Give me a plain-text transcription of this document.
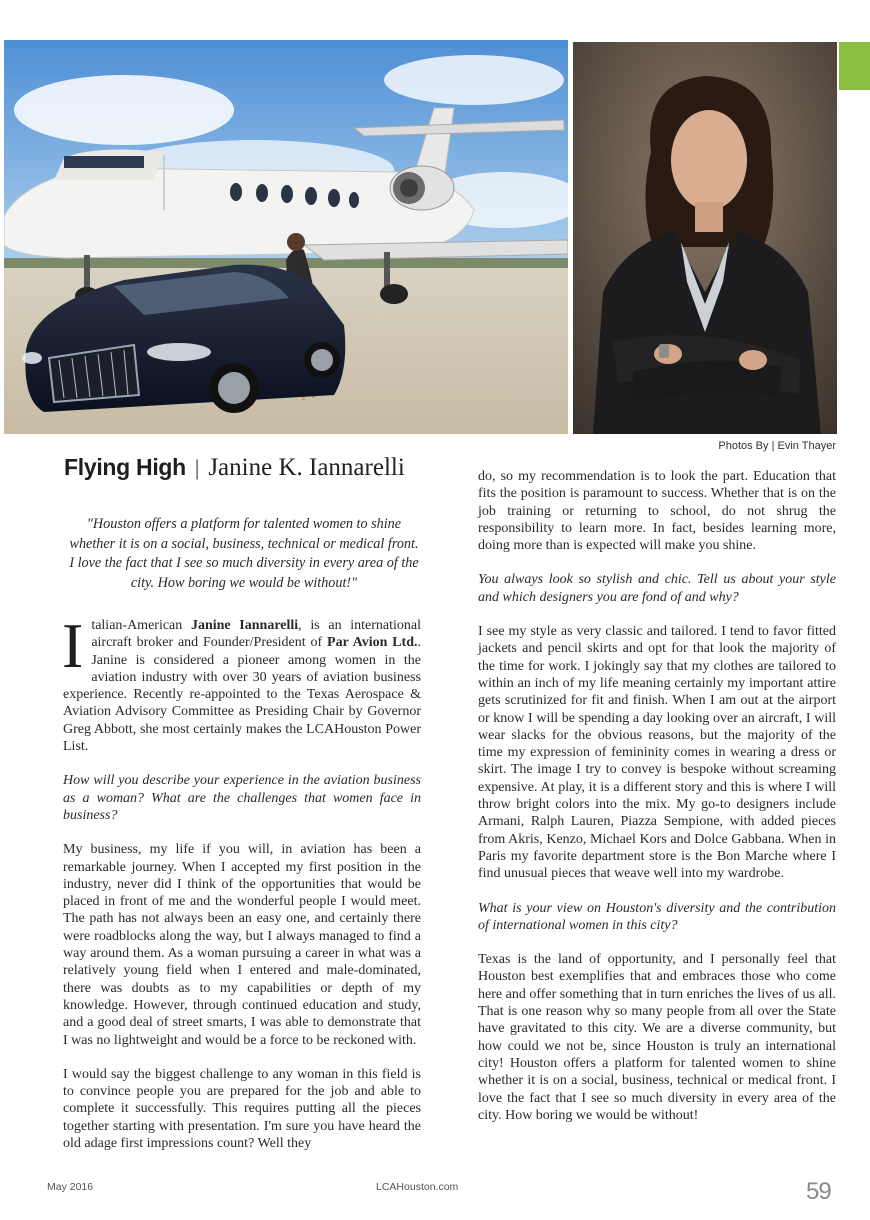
Photos By | Evin Thayer
Flying High | Janine K. Iannarelli
"Houston offers a platform for talented women to shine whether it is on a social, business, technical or medical front. I love the fact that I see so much diversity in every area of the city. How boring we would be without!"

Italian-American Janine Iannarelli, is an international aircraft broker and Founder/President of Par Avion Ltd.. Janine is considered a pioneer among women in the aviation industry with over 30 years of aviation business experience. Recently re-appointed to the Texas Aerospace & Aviation Advisory Committee as Presiding Chair by Governor Greg Abbott, she most certainly makes the LCAHouston Power List.

How will you describe your experience in the aviation business as a woman? What are the challenges that women face in business?

My business, my life if you will, in aviation has been a remarkable journey. When I accepted my first position in the industry, never did I think of the opportunities that would be placed in front of me and the wonderful people I would meet. The path has not always been an easy one, and certainly there were roadblocks along the way, but I always managed to find a way around them. As a woman pursuing a career in what was a relatively young field when I entered and male-dominated, there was doubts as to my capabilities or depth of my knowledge. However, through continued education and study, and a good deal of street smarts, I was able to demonstrate that I was no lightweight and would be a force to be reckoned with.

I would say the biggest challenge to any woman in this field is to convince people you are prepared for the job and able to complete it successfully. This requires putting all the pieces together starting with presentation. I'm sure you have heard the old adage first impressions count? Well they

do, so my recommendation is to look the part. Education that fits the position is paramount to success. Whether that is on the job training or returning to school, do not shrug the responsibility to learn more. In fact, besides learning more, doing more than is expected will make you shine.

You always look so stylish and chic. Tell us about your style and which designers you are fond of and why?

I see my style as very classic and tailored. I tend to favor fitted jackets and pencil skirts and opt for that look the majority of the time for work. I jokingly say that my clothes are tailored to within an inch of my life meaning certainly my important attire gets scrutinized for fit and finish. When I am out at the airport or know I will be spending a day looking over an aircraft, I will wear slacks for the obvious reasons, but the majority of the time my expression of femininity comes in wearing a dress or skirt. The image I try to convey is bespoke without screaming expensive. At play, it is a different story and this is where I will throw bright colors into the mix. My go-to designers include Armani, Ralph Lauren, Piazza Sempione, with added pieces from Akris, Kenzo, Michael Kors and Dolce Gabbana. When in Paris my favorite department store is the Bon Marche where I find unusual pieces that weave well into my wardrobe.

What is your view on Houston's diversity and the contribution of international women in this city?

Texas is the land of opportunity, and I personally feel that Houston best exemplifies that and embraces those who come here and offer something that in turn enriches the lives of us all. That is one reason why so many people from all over the State have gravitated to this city. We are a diverse community, but how could we not be, since Houston is truly an international city! Houston offers a platform for talented women to shine whether it is on a social, business, technical or medical front. I love the fact that I see so much diversity in every area of the city. How boring we would be without!

May 2016	LCAHouston.com	59
